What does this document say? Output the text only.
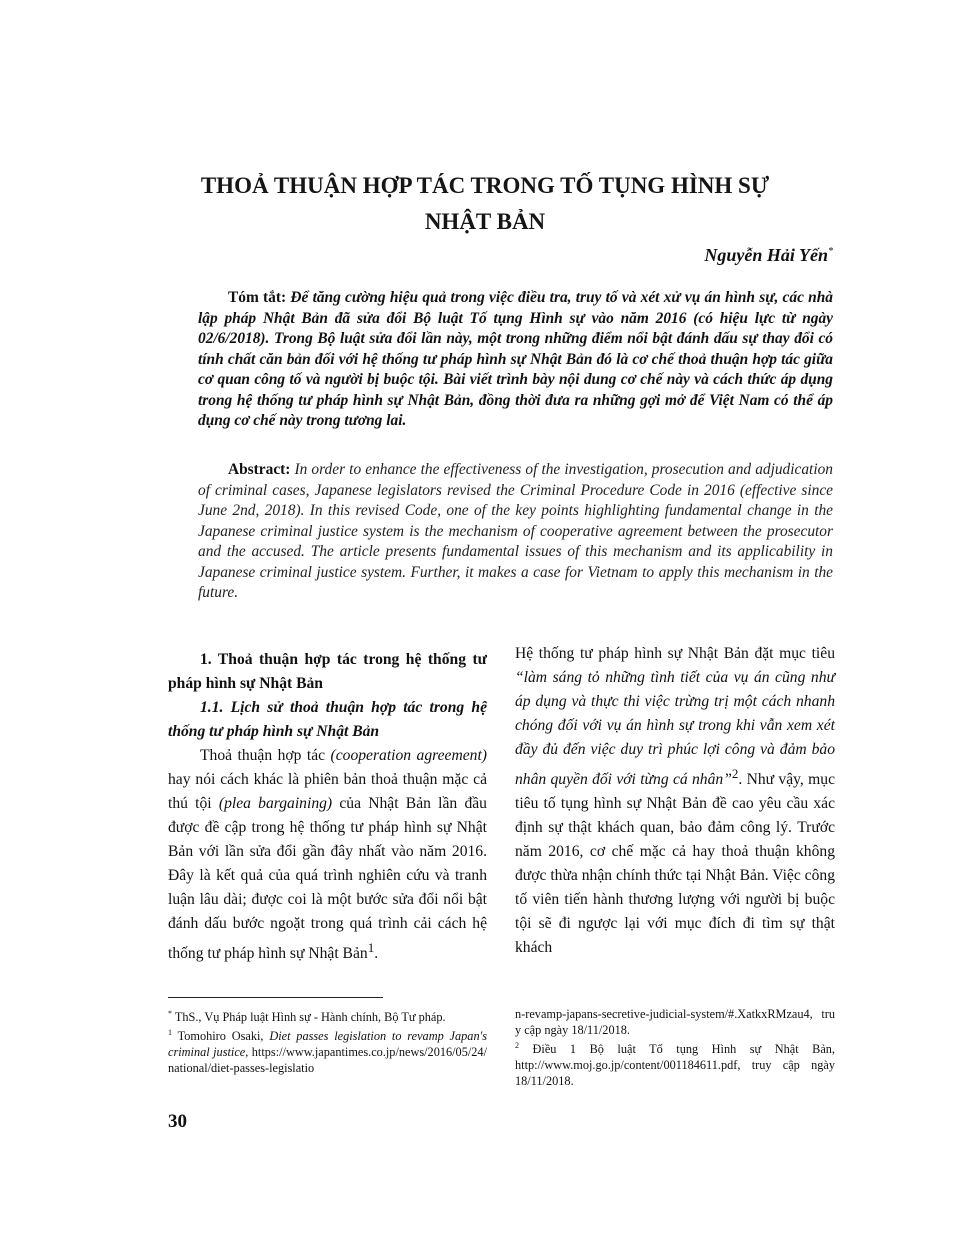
THOẢ THUẬN HỢP TÁC TRONG TỐ TỤNG HÌNH SỰ
NHẬT BẢN
Nguyễn Hải Yến*
Tóm tắt: Để tăng cường hiệu quả trong việc điều tra, truy tố và xét xử vụ án hình sự, các nhà lập pháp Nhật Bản đã sửa đổi Bộ luật Tố tụng Hình sự vào năm 2016 (có hiệu lực từ ngày 02/6/2018). Trong Bộ luật sửa đổi lần này, một trong những điểm nổi bật đánh dấu sự thay đổi có tính chất căn bản đối với hệ thống tư pháp hình sự Nhật Bản đó là cơ chế thoả thuận hợp tác giữa cơ quan công tố và người bị buộc tội. Bài viết trình bày nội dung cơ chế này và cách thức áp dụng trong hệ thống tư pháp hình sự Nhật Bản, đồng thời đưa ra những gợi mở để Việt Nam có thể áp dụng cơ chế này trong tương lai.
Abstract: In order to enhance the effectiveness of the investigation, prosecution and adjudication of criminal cases, Japanese legislators revised the Criminal Procedure Code in 2016 (effective since June 2nd, 2018). In this revised Code, one of the key points highlighting fundamental change in the Japanese criminal justice system is the mechanism of cooperative agreement between the prosecutor and the accused. The article presents fundamental issues of this mechanism and its applicability in Japanese criminal justice system. Further, it makes a case for Vietnam to apply this mechanism in the future.
1. Thoả thuận hợp tác trong hệ thống tư pháp hình sự Nhật Bản
1.1. Lịch sử thoả thuận hợp tác trong hệ thống tư pháp hình sự Nhật Bản
Thoả thuận hợp tác (cooperation agreement) hay nói cách khác là phiên bản thoả thuận mặc cả thú tội (plea bargaining) của Nhật Bản lần đầu được đề cập trong hệ thống tư pháp hình sự Nhật Bản với lần sửa đổi gần đây nhất vào năm 2016. Đây là kết quả của quá trình nghiên cứu và tranh luận lâu dài; được coi là một bước sửa đổi nổi bật đánh dấu bước ngoặt trong quá trình cải cách hệ thống tư pháp hình sự Nhật Bản$^1$.
Hệ thống tư pháp hình sự Nhật Bản đặt mục tiêu “làm sáng tỏ những tình tiết của vụ án cũng như áp dụng và thực thi việc trừng trị một cách nhanh chóng đối với vụ án hình sự trong khi vẫn xem xét đầy đủ đến việc duy trì phúc lợi công và đảm bảo nhân quyền đối với từng cá nhân”$^2$. Như vậy, mục tiêu tố tụng hình sự Nhật Bản đề cao yêu cầu xác định sự thật khách quan, bảo đảm công lý. Trước năm 2016, cơ chế mặc cả hay thoả thuận không được thừa nhận chính thức tại Nhật Bản. Việc công tố viên tiến hành thương lượng với người bị buộc tội sẽ đi ngược lại với mục đích đi tìm sự thật khách
* ThS., Vụ Pháp luật Hình sự - Hành chính, Bộ Tư pháp.
$^1$ Tomohiro Osaki, Diet passes legislation to revamp Japan's criminal justice, https://www.japantimes.co.jp/news/2016/05/24/national/diet-passes-legislatio
n-revamp-japans-secretive-judicial-system/#.XatkxRMzau4, truy cập ngày 18/11/2018.
$^2$ Điều 1 Bộ luật Tố tụng Hình sự Nhật Bản, http://www.moj.go.jp/content/001184611.pdf, truy cập ngày 18/11/2018.
30
